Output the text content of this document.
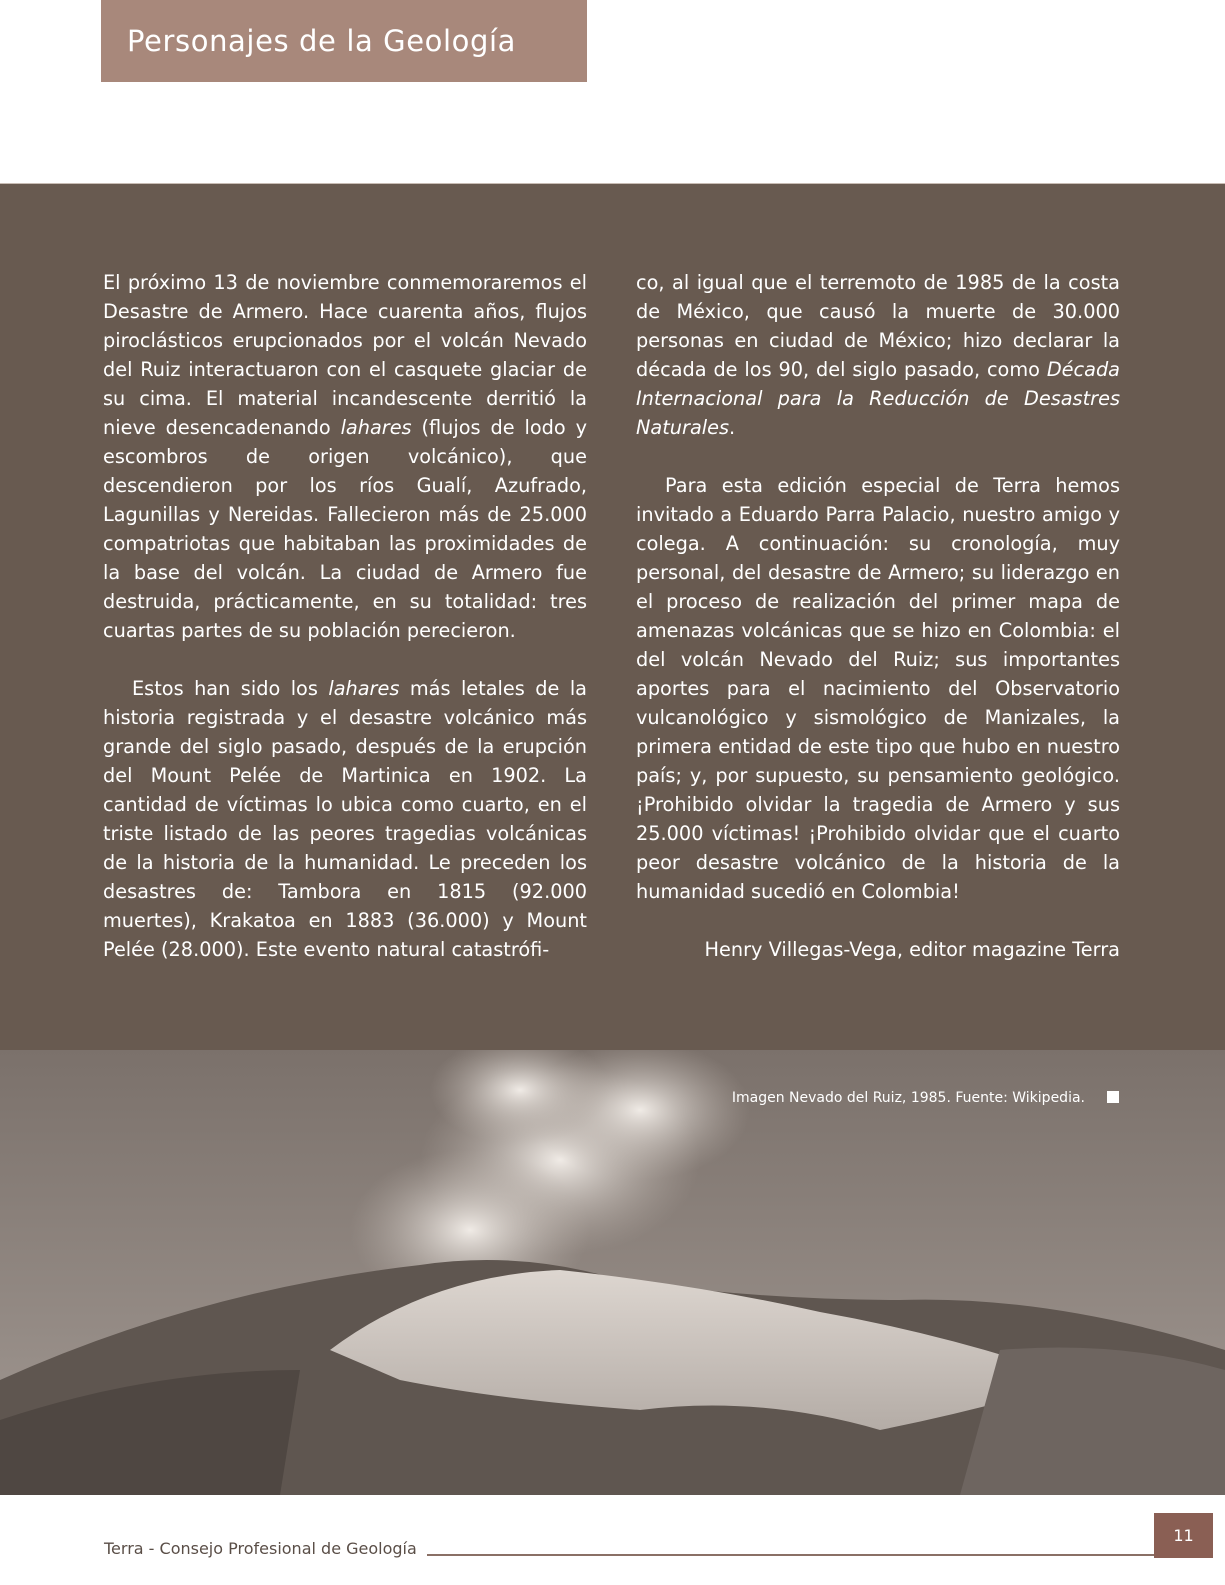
Personajes de la Geología

El próximo 13 de noviembre conmemoraremos el Desastre de Armero. Hace cuarenta años, flujos piroclásticos erupcionados por el volcán Nevado del Ruiz interactuaron con el casquete glaciar de su cima. El material incandescente derritió la nieve desencadenando lahares (flujos de lodo y escombros de origen volcánico), que descendieron por los ríos Gualí, Azufrado, Lagunillas y Nereidas. Fallecieron más de 25.000 compatriotas que habitaban las proximidades de la base del volcán. La ciudad de Armero fue destruida, prácticamente, en su totalidad: tres cuartas partes de su población perecieron.

Estos han sido los lahares más letales de la historia registrada y el desastre volcánico más grande del siglo pasado, después de la erupción del Mount Pelée de Martinica en 1902. La cantidad de víctimas lo ubica como cuarto, en el triste listado de las peores tragedias volcánicas de la historia de la humanidad. Le preceden los desastres de: Tambora en 1815 (92.000 muertes), Krakatoa en 1883 (36.000) y Mount Pelée (28.000). Este evento natural catastrófi-

co, al igual que el terremoto de 1985 de la costa de México, que causó la muerte de 30.000 personas en ciudad de México; hizo declarar la década de los 90, del siglo pasado, como Década Internacional para la Reducción de Desastres Naturales.

Para esta edición especial de Terra hemos invitado a Eduardo Parra Palacio, nuestro amigo y colega. A continuación: su cronología, muy personal, del desastre de Armero; su liderazgo en el proceso de realización del primer mapa de amenazas volcánicas que se hizo en Colombia: el del volcán Nevado del Ruiz; sus importantes aportes para el nacimiento del Observatorio vulcanológico y sismológico de Manizales, la primera entidad de este tipo que hubo en nuestro país; y, por supuesto, su pensamiento geológico. ¡Prohibido olvidar la tragedia de Armero y sus 25.000 víctimas! ¡Prohibido olvidar que el cuarto peor desastre volcánico de la historia de la humanidad sucedió en Colombia!

Henry Villegas-Vega, editor magazine Terra

Imagen Nevado del Ruiz, 1985. Fuente: Wikipedia.
Terra - Consejo Profesional de Geología
11
